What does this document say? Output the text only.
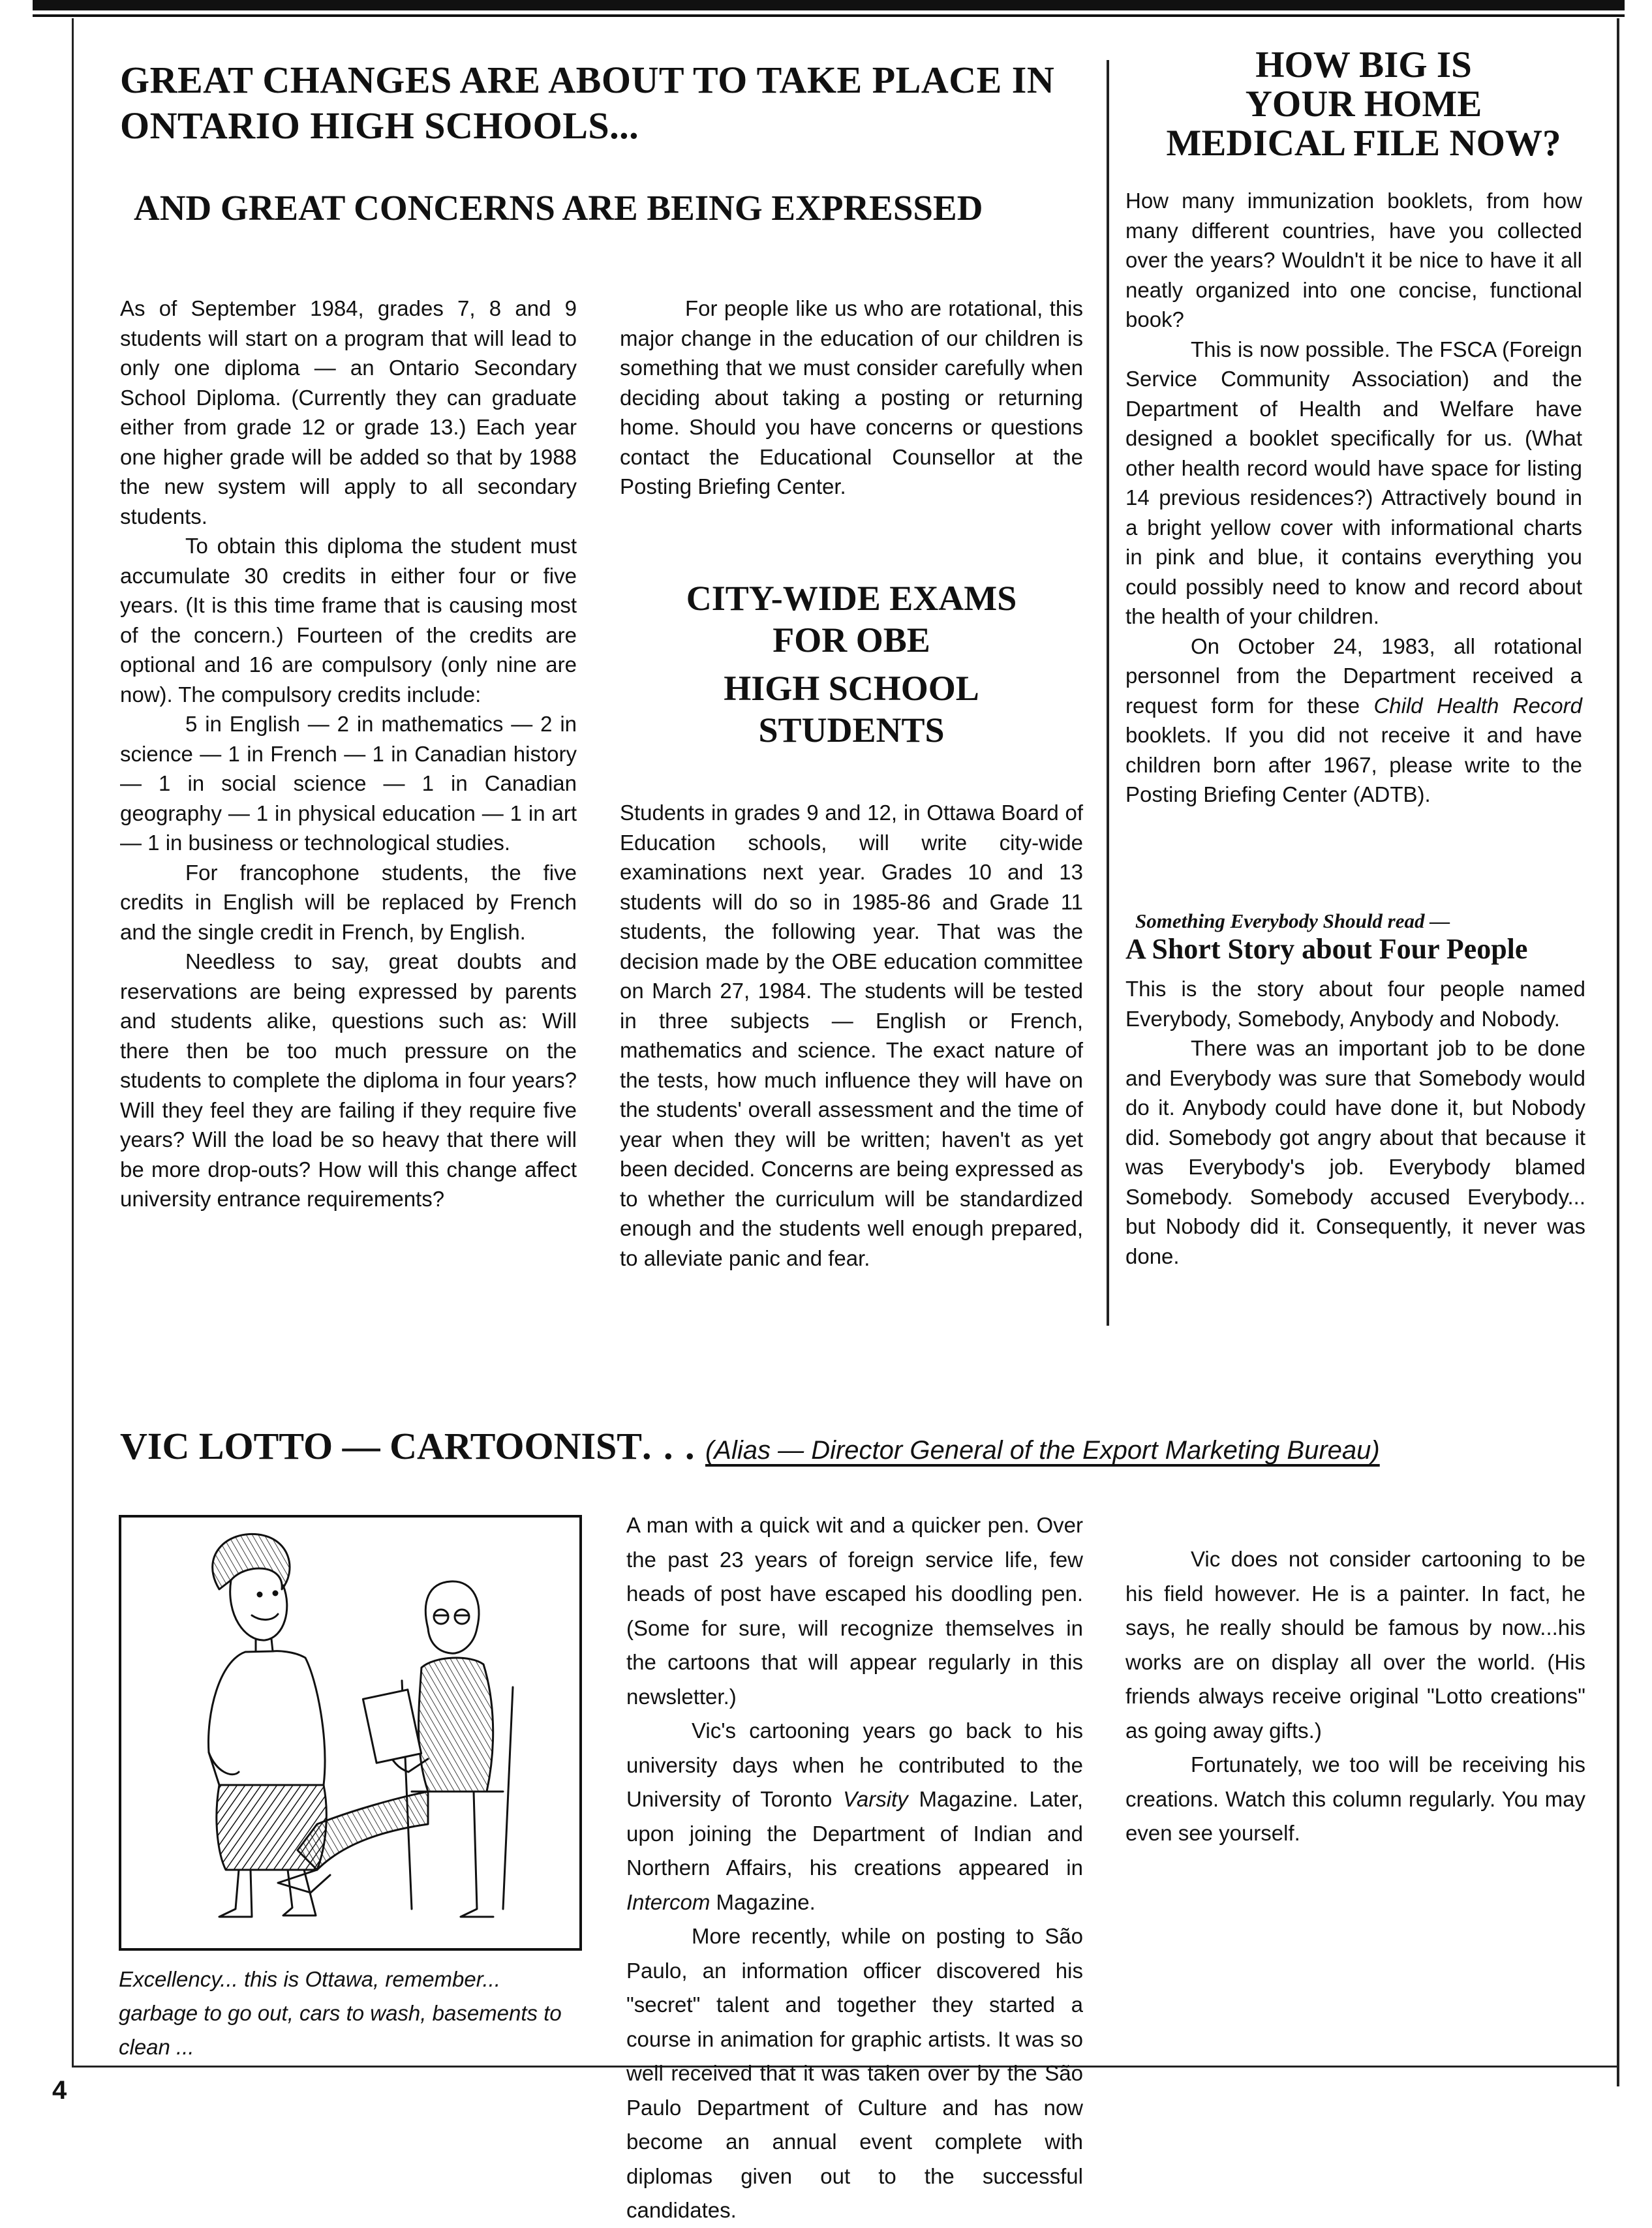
GREAT CHANGES ARE ABOUT TO TAKE PLACE IN ONTARIO HIGH SCHOOLS...
AND GREAT CONCERNS ARE BEING EXPRESSED

As of September 1984, grades 7, 8 and 9 students will start on a program that will lead to only one diploma — an Ontario Secondary School Diploma. (Currently they can graduate either from grade 12 or grade 13.) Each year one higher grade will be added so that by 1988 the new system will apply to all secondary students.

To obtain this diploma the student must accumulate 30 credits in either four or five years. (It is this time frame that is causing most of the concern.) Fourteen of the credits are optional and 16 are compulsory (only nine are now). The compulsory credits include:

5 in English — 2 in mathematics — 2 in science — 1 in French — 1 in Canadian history — 1 in social science — 1 in Canadian geography — 1 in physical education — 1 in art — 1 in business or technological studies.

For francophone students, the five credits in English will be replaced by French and the single credit in French, by English.

Needless to say, great doubts and reservations are being expressed by parents and students alike, questions such as: Will there then be too much pressure on the students to complete the diploma in four years? Will they feel they are failing if they require five years? Will the load be so heavy that there will be more drop-outs? How will this change affect university entrance requirements?

For people like us who are rotational, this major change in the education of our children is something that we must consider carefully when deciding about taking a posting or returning home. Should you have concerns or questions contact the Educational Counsellor at the Posting Briefing Center.

CITY-WIDE EXAMS
FOR OBE
HIGH SCHOOL
STUDENTS

Students in grades 9 and 12, in Ottawa Board of Education schools, will write city-wide examinations next year. Grades 10 and 13 students will do so in 1985-86 and Grade 11 students, the following year. That was the decision made by the OBE education committee on March 27, 1984. The students will be tested in three subjects — English or French, mathematics and science. The exact nature of the tests, how much influence they will have on the students' overall assessment and the time of year when they will be written; haven't as yet been decided. Concerns are being expressed as to whether the curriculum will be standardized enough and the students well enough prepared, to alleviate panic and fear.

HOW BIG IS
YOUR HOME
MEDICAL FILE NOW?

How many immunization booklets, from how many different countries, have you collected over the years? Wouldn't it be nice to have it all neatly organized into one concise, functional book?

This is now possible. The FSCA (Foreign Service Community Association) and the Department of Health and Welfare have designed a booklet specifically for us. (What other health record would have space for listing 14 previous residences?) Attractively bound in a bright yellow cover with informational charts in pink and blue, it contains everything you could possibly need to know and record about the health of your children.

On October 24, 1983, all rotational personnel from the Department received a request form for these Child Health Record booklets. If you did not receive it and have children born after 1967, please write to the Posting Briefing Center (ADTB).

Something Everybody Should read —
A Short Story about Four People

This is the story about four people named Everybody, Somebody, Anybody and Nobody.

There was an important job to be done and Everybody was sure that Somebody would do it. Anybody could have done it, but Nobody did. Somebody got angry about that because it was Everybody's job. Everybody blamed Somebody. Somebody accused Everybody... but Nobody did it. Consequently, it never was done.

VIC LOTTO — CARTOONIST. . . (Alias — Director General of the Export Marketing Bureau)
Excellency... this is Ottawa, remember... garbage to go out, cars to wash, basements to clean ...

A man with a quick wit and a quicker pen. Over the past 23 years of foreign service life, few heads of post have escaped his doodling pen. (Some for sure, will recognize themselves in the cartoons that will appear regularly in this newsletter.)

Vic's cartooning years go back to his university days when he contributed to the University of Toronto Varsity Magazine. Later, upon joining the Department of Indian and Northern Affairs, his creations appeared in Intercom Magazine.

More recently, while on posting to São Paulo, an information officer discovered his "secret" talent and together they started a course in animation for graphic artists. It was so well received that it was taken over by the São Paulo Department of Culture and has now become an annual event complete with diplomas given out to the successful candidates.

Vic does not consider cartooning to be his field however. He is a painter. In fact, he says, he really should be famous by now...his works are on display all over the world. (His friends always receive original "Lotto creations" as going away gifts.)

Fortunately, we too will be receiving his creations. Watch this column regularly. You may even see yourself.

4
